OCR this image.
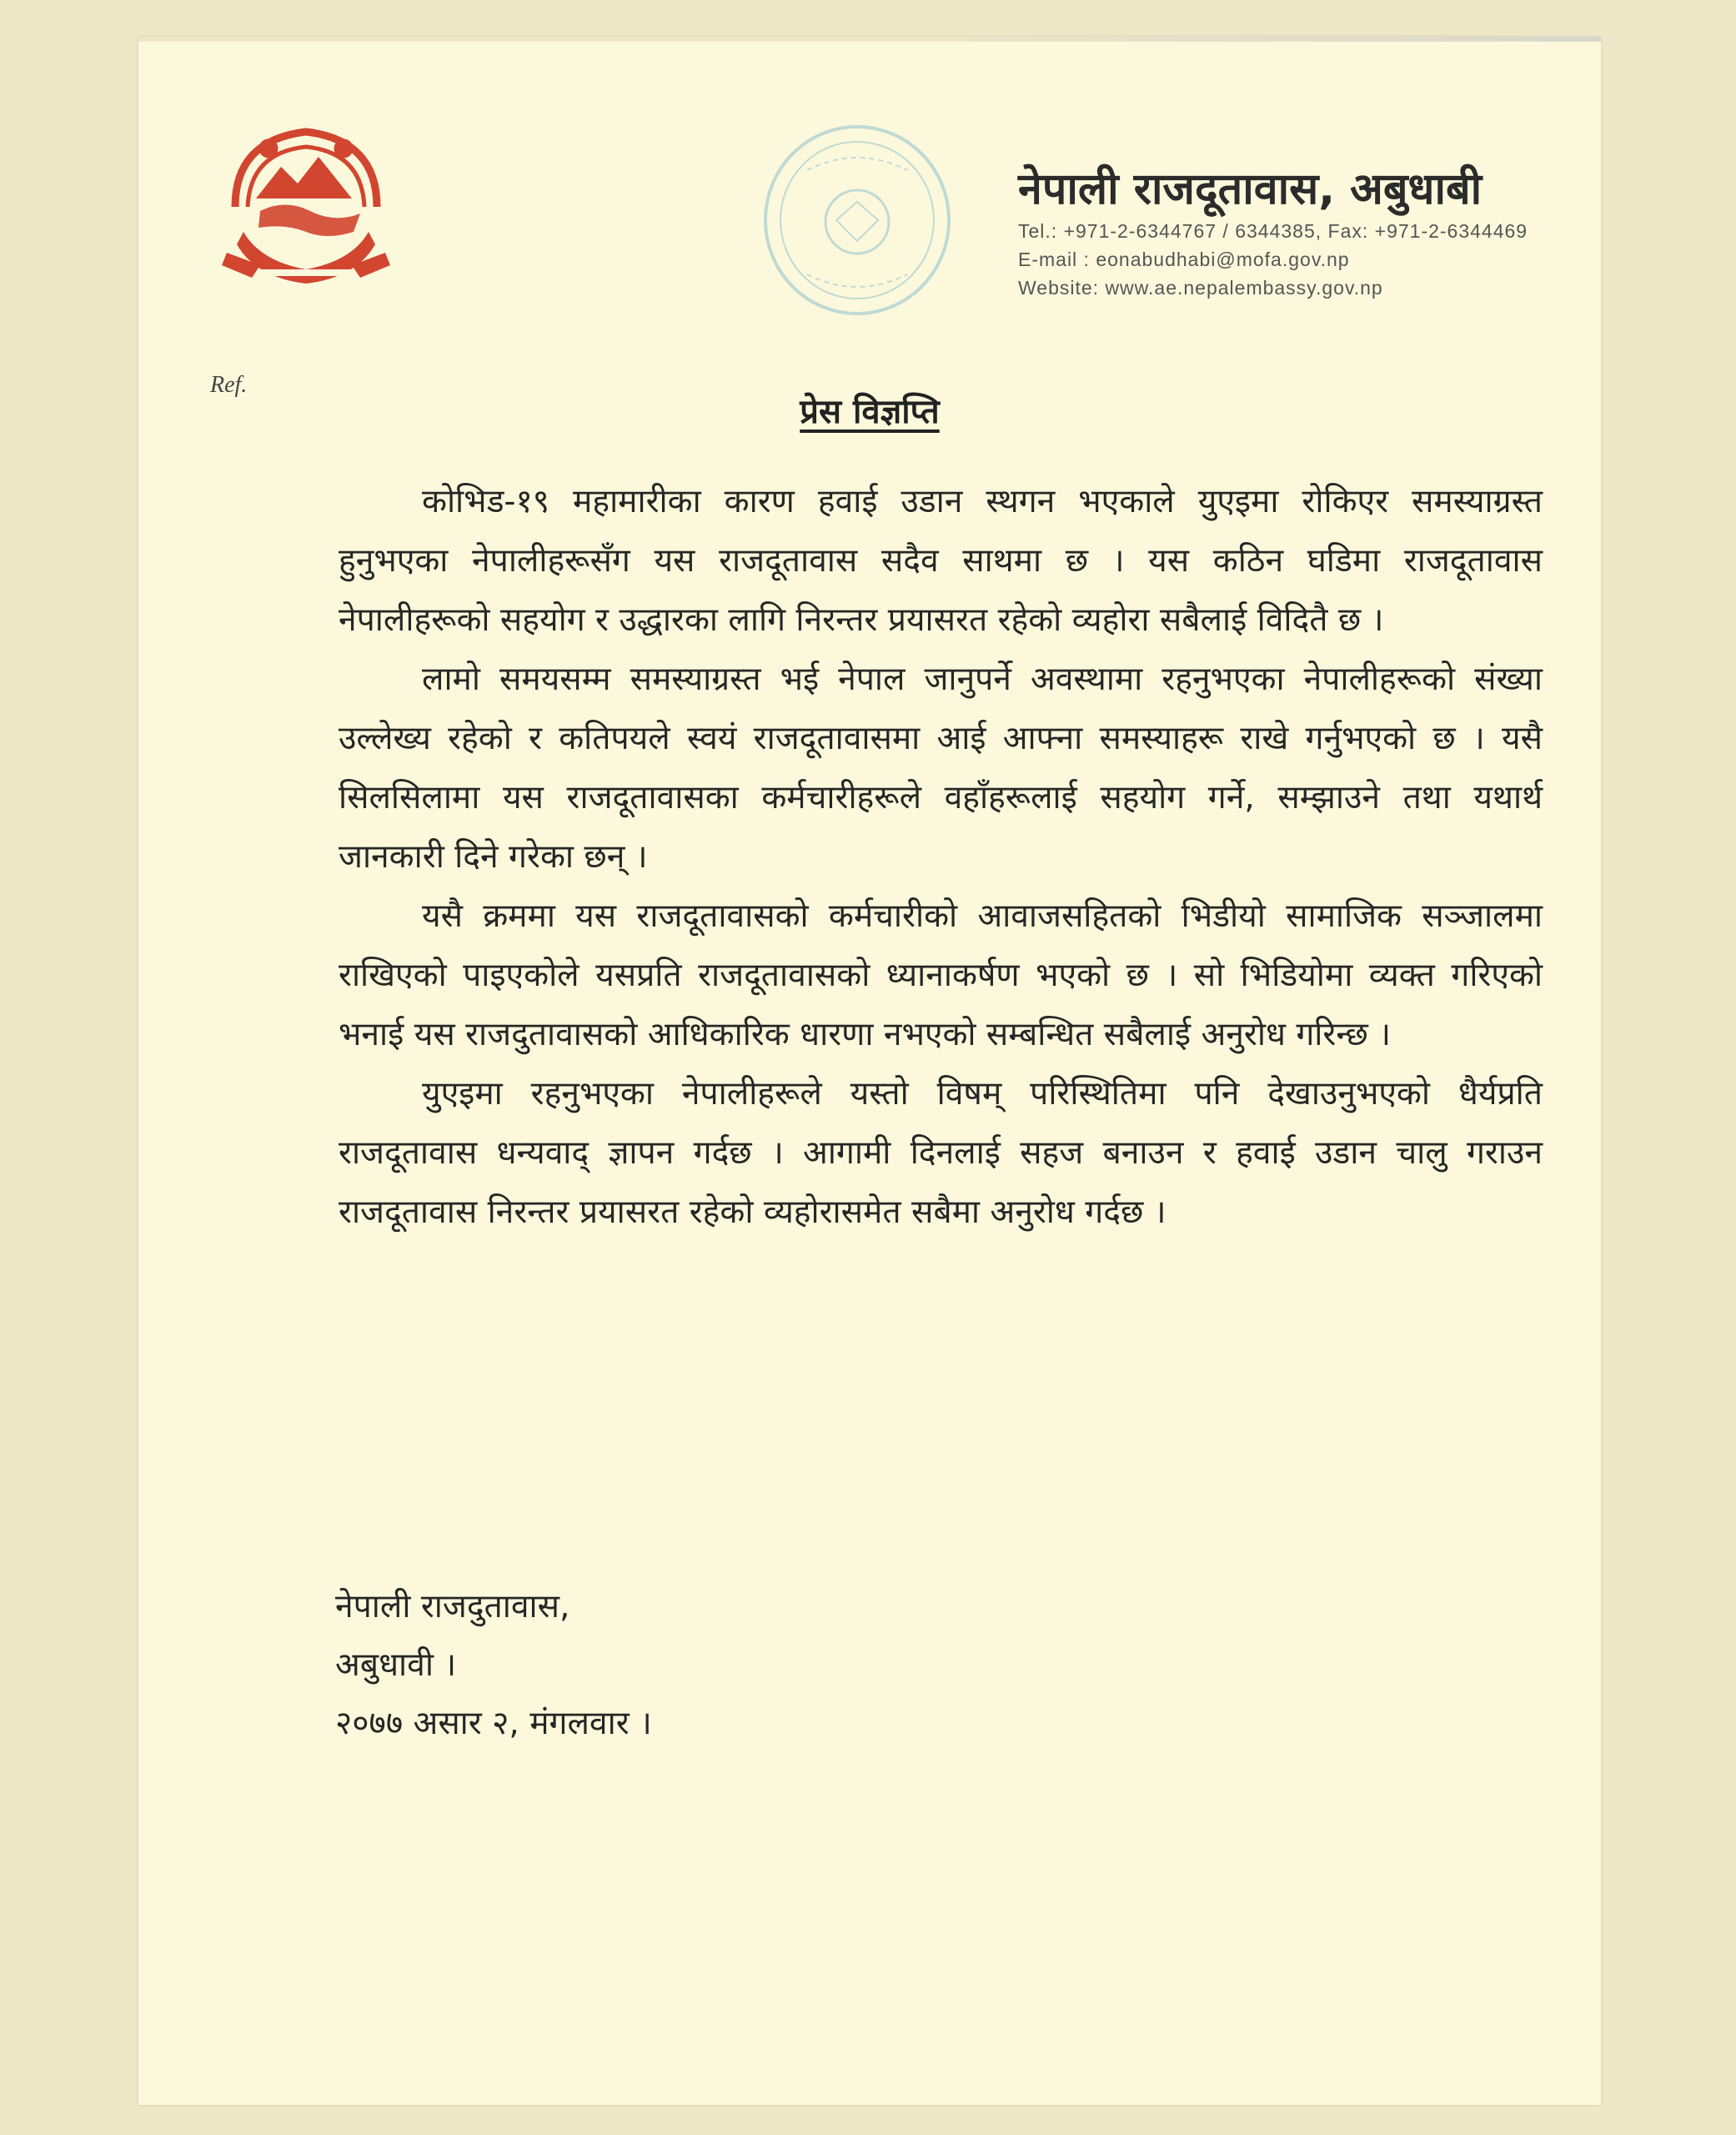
नेपाली राजदूतावास, अबुधाबी
Tel.: +971-2-6344767 / 6344385, Fax: +971-2-6344469
E-mail : eonabudhabi@mofa.gov.np
Website: www.ae.nepalembassy.gov.np
Ref.
प्रेस विज्ञप्ति

कोभिड-१९ महामारीका कारण हवाई उडान स्थगन भएकाले युएइमा रोकिएर समस्याग्रस्त हुनुभएका नेपालीहरूसँग यस राजदूतावास सदैव साथमा छ । यस कठिन घडिमा राजदूतावास नेपालीहरूको सहयोग र उद्धारका लागि निरन्तर प्रयासरत रहेको व्यहोरा सबैलाई विदितै छ ।

लामो समयसम्म समस्याग्रस्त भई नेपाल जानुपर्ने अवस्थामा रहनुभएका नेपालीहरूको संख्या उल्लेख्य रहेको र कतिपयले स्वयं राजदूतावासमा आई आफ्ना समस्याहरू राखे गर्नुभएको छ । यसै सिलसिलामा यस राजदूतावासका कर्मचारीहरूले वहाँहरूलाई सहयोग गर्ने, सम्झाउने तथा यथार्थ जानकारी दिने गरेका छन् ।

यसै क्रममा यस राजदूतावासको कर्मचारीको आवाजसहितको भिडीयो सामाजिक सञ्जालमा राखिएको पाइएकोले यसप्रति राजदूतावासको ध्यानाकर्षण भएको छ । सो भिडियोमा व्यक्त गरिएको भनाई यस राजदुतावासको आधिकारिक धारणा नभएको सम्बन्धित सबैलाई अनुरोध गरिन्छ ।

युएइमा रहनुभएका नेपालीहरूले यस्तो विषम् परिस्थितिमा पनि देखाउनुभएको धैर्यप्रति राजदूतावास धन्यवाद् ज्ञापन गर्दछ । आगामी दिनलाई सहज बनाउन र हवाई उडान चालु गराउन राजदूतावास निरन्तर प्रयासरत रहेको व्यहोरासमेत सबैमा अनुरोध गर्दछ ।

नेपाली राजदुतावास,
अबुधावी ।
२०७७ असार २, मंगलवार ।
